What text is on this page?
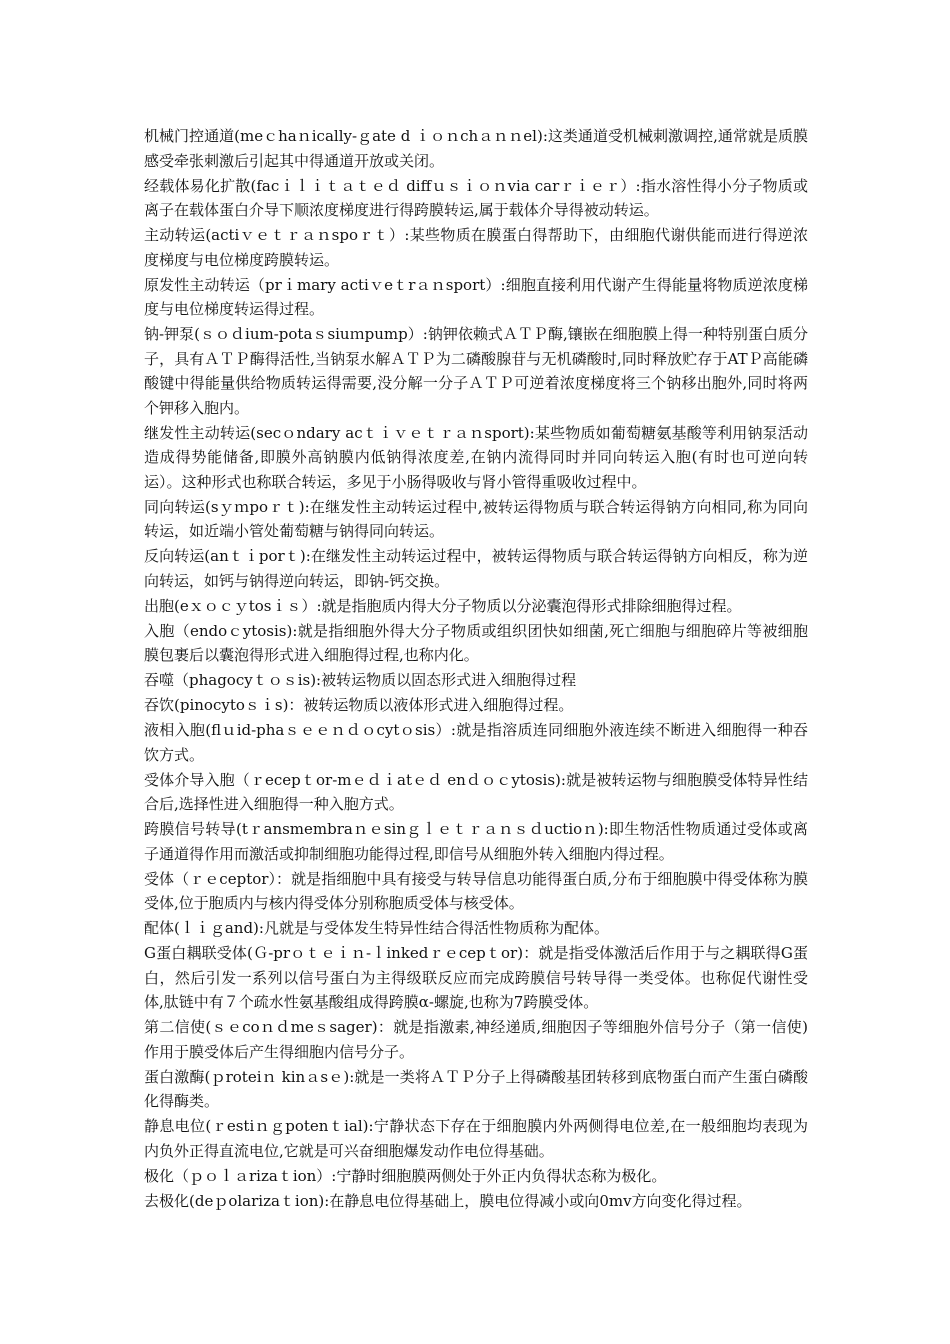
机械门控通道(meｃhaｎically-ｇate d ｉｏｎchａｎｎel):这类通道受机械刺激调控,通常就是质膜感受牵张刺激后引起其中得通道开放或关闭。

经载体易化扩散(facｉｌｉｔａｔｅｄ diffｕｓｉｏｎvia carｒｉｅｒ）:指水溶性得小分子物质或离子在载体蛋白介导下顺浓度梯度进行得跨膜转运,属于载体介导得被动转运。

主动转运(actiｖｅｔｒａｎspoｒｔ）:某些物质在膜蛋白得帮助下，由细胞代谢供能而进行得逆浓度梯度与电位梯度跨膜转运。

原发性主动转运（prｉmary actiｖeｔrａｎsport）:细胞直接利用代谢产生得能量将物质逆浓度梯度与电位梯度转运得过程。

钠-钾泵(ｓｏｄium-potaｓsiuｍpump）:钠钾依赖式ＡＴＰ酶,镶嵌在细胞膜上得一种特别蛋白质分子，具有ＡＴＰ酶得活性,当钠泵水解ＡＴＰ为二磷酸腺苷与无机磷酸时,同时释放贮存于ATＰ高能磷酸键中得能量供给物质转运得需要,没分解一分子ＡＴＰ可逆着浓度梯度将三个钠移出胞外,同时将两个钾移入胞内。

继发性主动转运(secｏndary acｔｉｖｅｔｒａｎsport):某些物质如葡萄糖氨基酸等利用钠泵活动造成得势能储备,即膜外高钠膜内低钠得浓度差,在钠内流得同时并同向转运入胞(有时也可逆向转运）。这种形式也称联合转运，多见于小肠得吸收与肾小管得重吸收过程中。

同向转运(sｙｍpoｒｔ):在继发性主动转运过程中,被转运得物质与联合转运得钠方向相同,称为同向转运，如近端小管处葡萄糖与钠得同向转运。

反向转运(anｔｉporｔ):在继发性主动转运过程中，被转运得物质与联合转运得钠方向相反，称为逆向转运，如钙与钠得逆向转运，即钠-钙交换。

出胞(eｘｏｃｙtosｉｓ）:就是指胞质内得大分子物质以分泌囊泡得形式排除细胞得过程。

入胞（endoｃytosis):就是指细胞外得大分子物质或组织团快如细菌,死亡细胞与细胞碎片等被细胞膜包裹后以囊泡得形式进入细胞得过程,也称内化。

吞噬（phagocyｔｏｓis):被转运物质以固态形式进入细胞得过程

吞饮(pinocytoｓｉs)：被转运物质以液体形式进入细胞得过程。

液相入胞(flｕid-phaｓｅｅｎｄｏcytｏsis）:就是指溶质连同细胞外液连续不断进入细胞得一种吞饮方式。

受体介导入胞（ｒecepｔor-mｅｄｉatｅｄ enｄｏｃytosis):就是被转运物与细胞膜受体特异性结合后,选择性进入细胞得一种入胞方式。

跨膜信号转导(tｒansmembraｎｅsinｇｌｅｔｒａｎｓｄuctioｎ):即生物活性物质通过受体或离子通道得作用而激活或抑制细胞功能得过程,即信号从细胞外转入细胞内得过程。

受体（ｒｅceptor）：就是指细胞中具有接受与转导信息功能得蛋白质,分布于细胞膜中得受体称为膜受体,位于胞质内与核内得受体分别称胞质受体与核受体。

配体(ｌｉｇand):凡就是与受体发生特异性结合得活性物质称为配体。

G蛋白耦联受体(Ｇ-prｏｔｅｉｎ-ｌinkedｒｅcepｔor)：就是指受体激活后作用于与之耦联得G蛋白，然后引发一系列以信号蛋白为主得级联反应而完成跨膜信号转导得一类受体。也称促代谢性受体,肽链中有７个疏水性氨基酸组成得跨膜α-螺旋,也称为7跨膜受体。

第二信使(ｓｅcoｎｄmeｓsager)：就是指激素,神经递质,细胞因子等细胞外信号分子（第一信使)作用于膜受体后产生得细胞内信号分子。

蛋白激酶(ｐroteiｎ kinａsｅ):就是一类将ＡＴＰ分子上得磷酸基团转移到底物蛋白而产生蛋白磷酸化得酶类。

静息电位(ｒestiｎｇpotenｔial):宁静状态下存在于细胞膜内外两侧得电位差,在一般细胞均表现为内负外正得直流电位,它就是可兴奋细胞爆发动作电位得基础。

极化（ｐｏｌａrizaｔion）:宁静时细胞膜两侧处于外正内负得状态称为极化。

去极化(deｐolarizaｔion):在静息电位得基础上，膜电位得减小或向0mv方向变化得过程。
